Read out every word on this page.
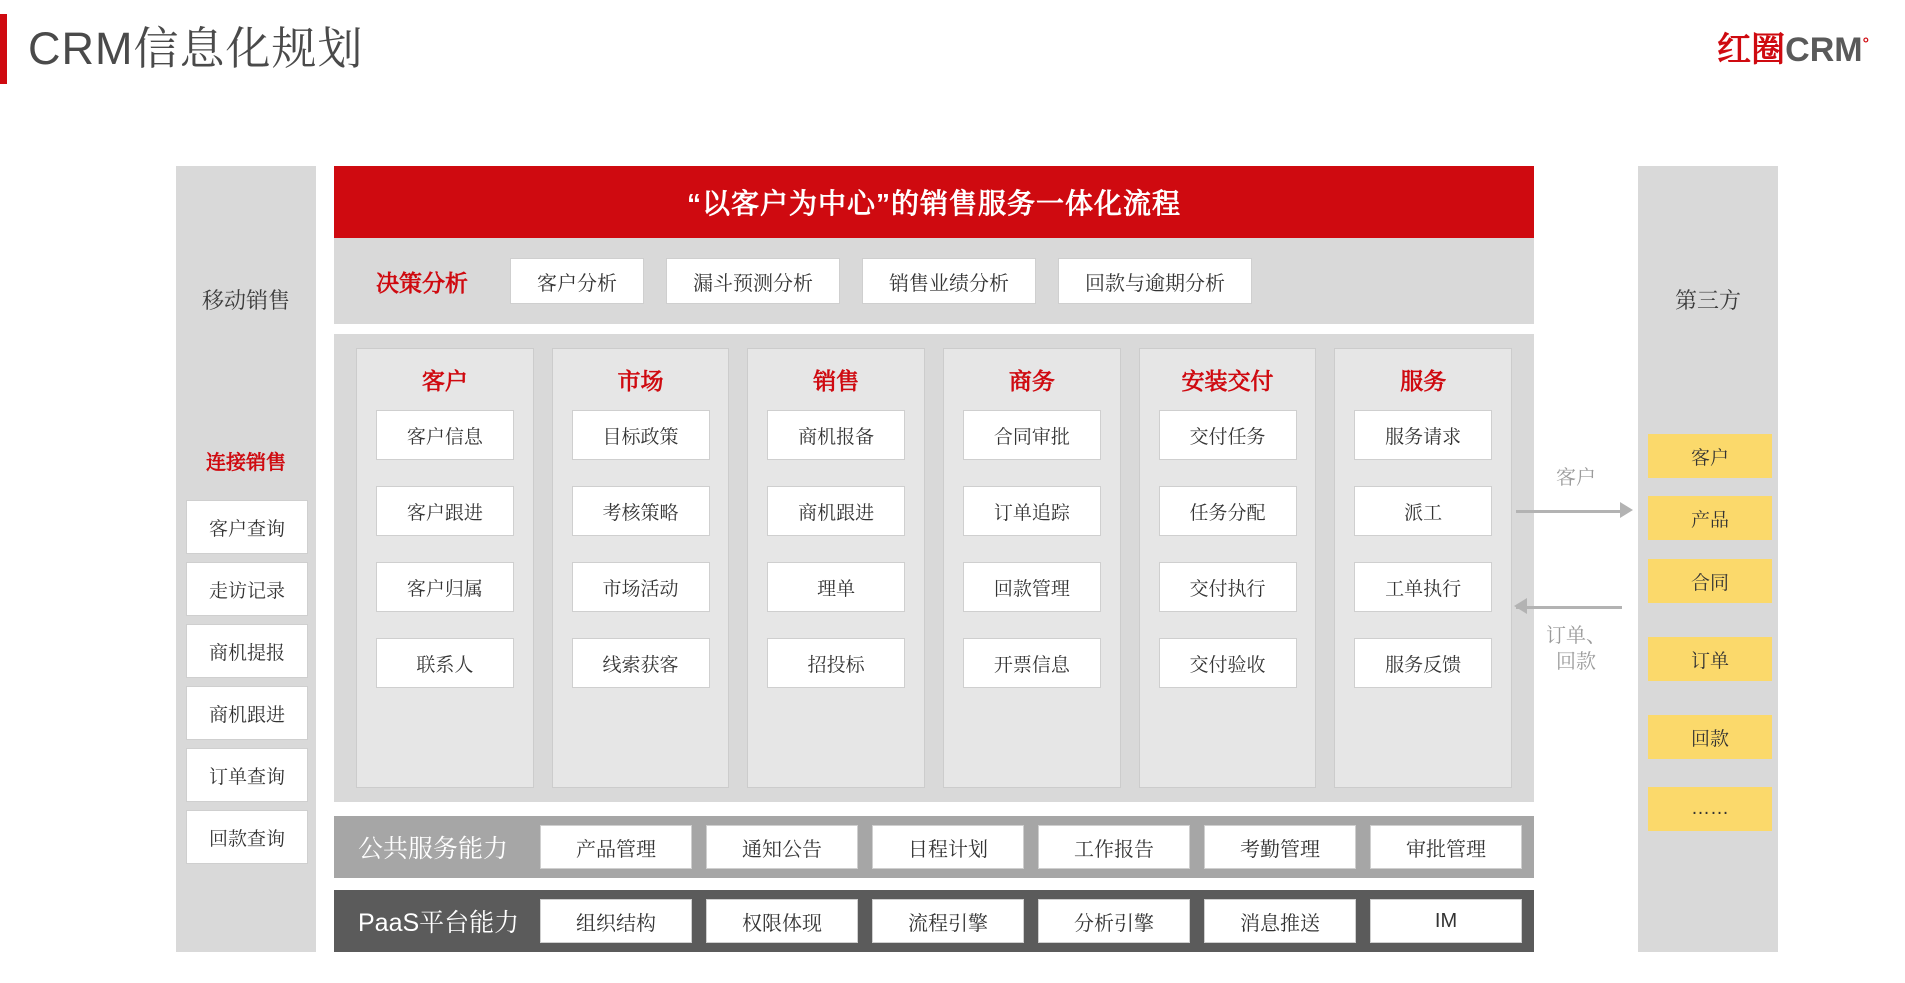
CRM信息化规划	红圈CRM°
移动销售
连接销售
客户查询
走访记录
商机提报
商机跟进
订单查询
回款查询
“以客户为中心”的销售服务一体化流程
决策分析	客户分析	漏斗预测分析	销售业绩分析	回款与逾期分析
客户
客户信息
客户跟进
客户归属
联系人
市场
目标政策
考核策略
市场活动
线索获客
销售
商机报备
商机跟进
理单
招投标
商务
合同审批
订单追踪
回款管理
开票信息
安装交付
交付任务
任务分配
交付执行
交付验收
服务
服务请求
派工
工单执行
服务反馈
公共服务能力	产品管理	通知公告	日程计划	工作报告	考勤管理	审批管理
PaaS平台能力	组织结构	权限体现	流程引擎	分析引擎	消息推送	IM
客户
订单、
回款
第三方
客户
产品
合同
订单
回款
……
